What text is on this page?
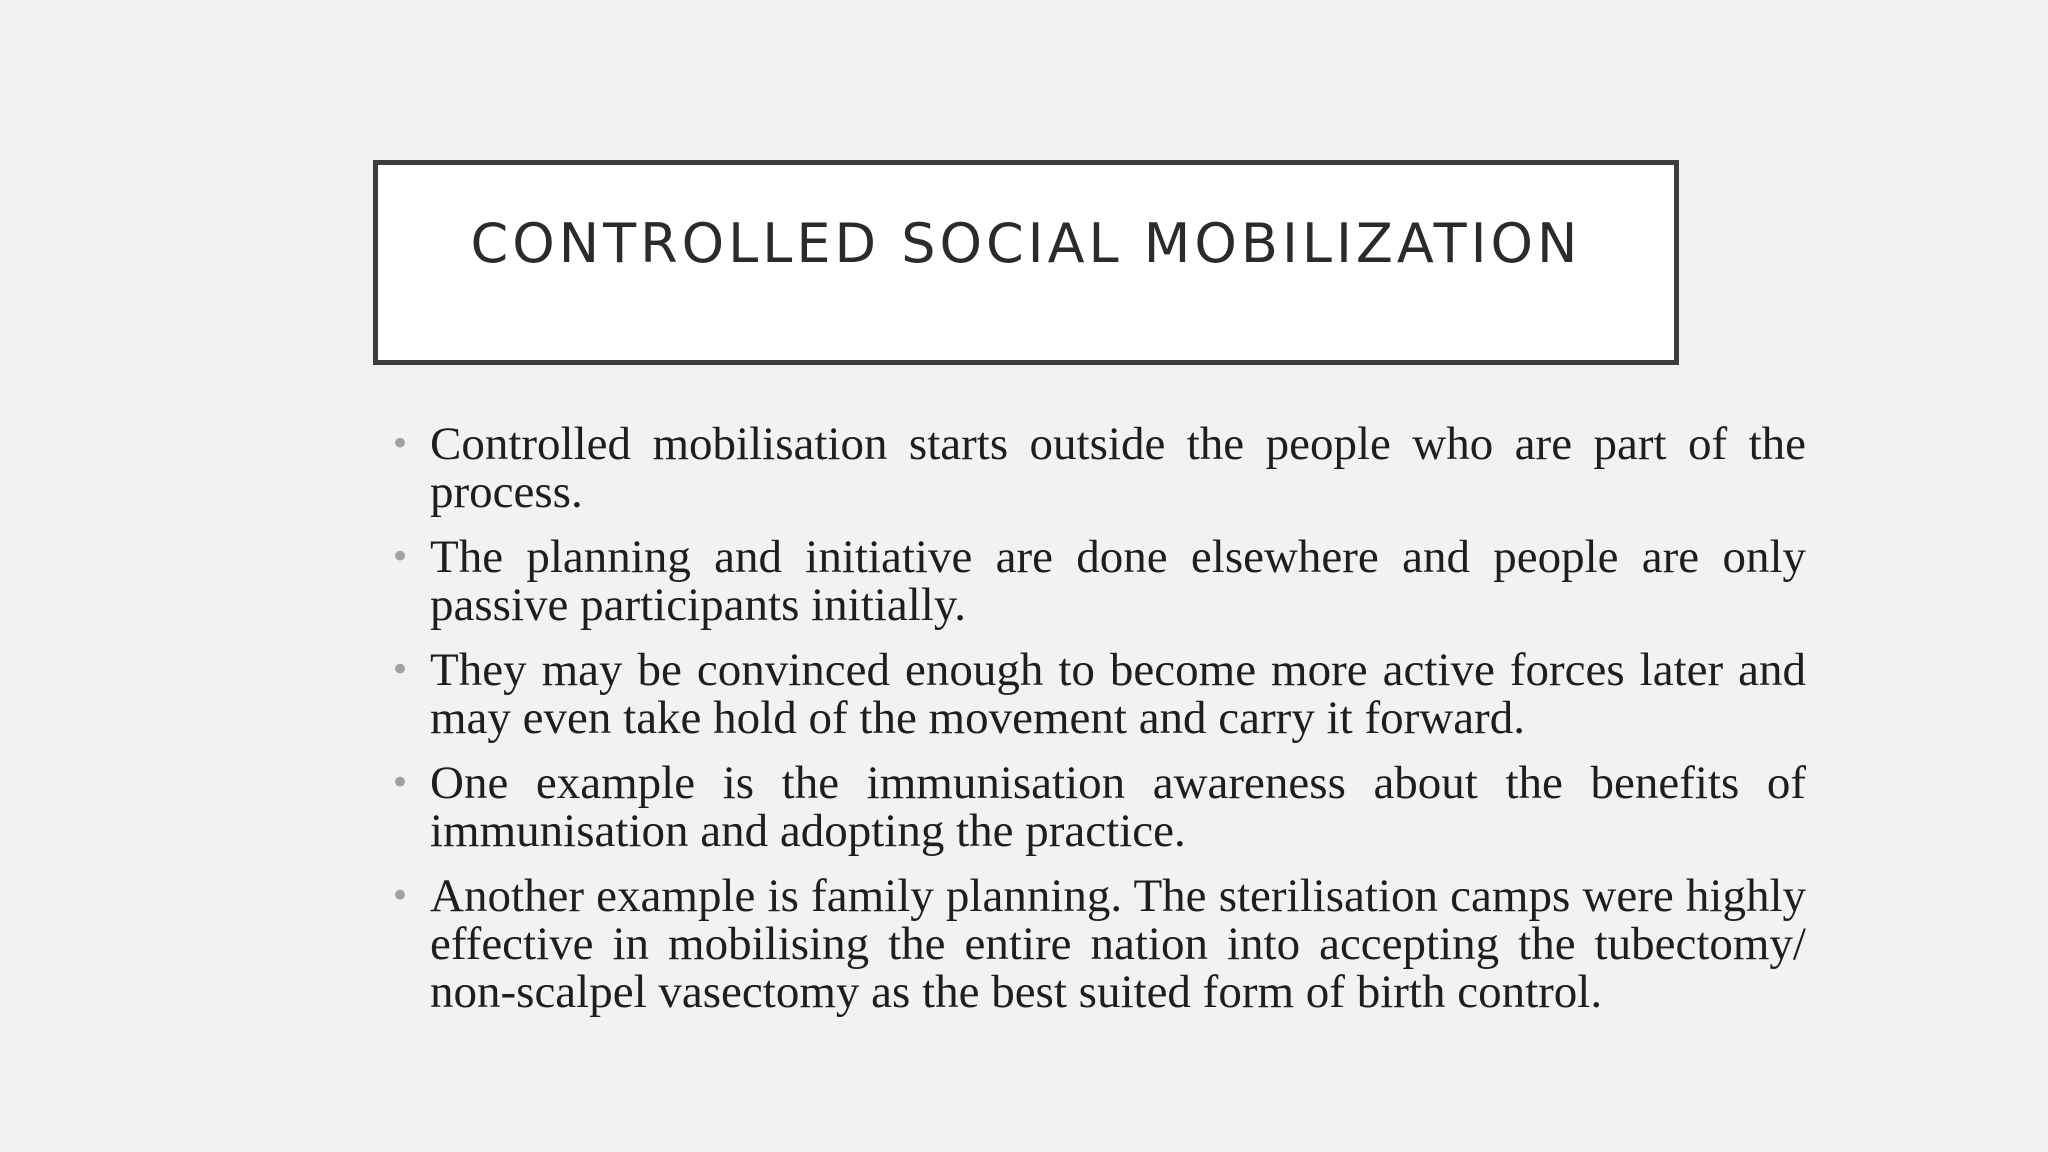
CONTROLLED SOCIAL MOBILIZATION
• Controlled mobilisation starts outside the people who are part of the process.
• The planning and initiative are done elsewhere and people are only passive participants initially.
• They may be convinced enough to become more active forces later and may even take hold of the movement and carry it forward.
• One example is the immunisation awareness about the benefits of immunisation and adopting the practice.
• Another example is family planning. The sterilisation camps were highly effective in mobilising the entire nation into accepting the tubectomy/ non-scalpel vasectomy as the best suited form of birth control.
